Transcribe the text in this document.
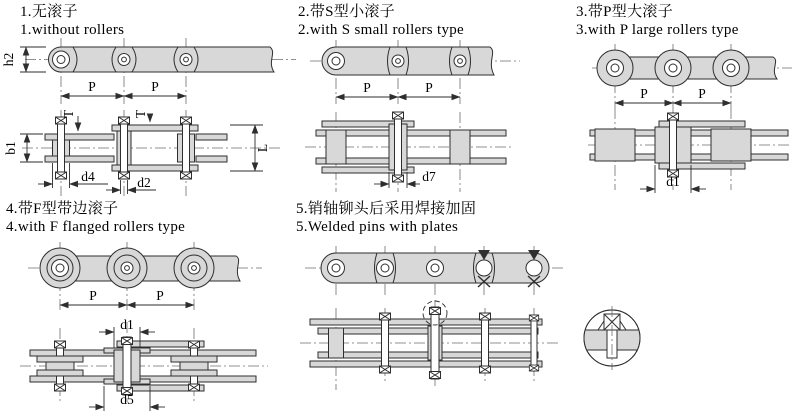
1.无滚子
1.without rollers
2.带S型小滚子
2.with S small rollers type
3.带P型大滚子
3.with P large rollers type
4.带F型带边滚子
4.with F flanged rollers type
5.销轴铆头后采用焊接加固
5.Welded pins with plates
h2
P	P
T	T
b1	L
d4	d2
P	P
d7
P	P
d1
P	P
d1
d5
